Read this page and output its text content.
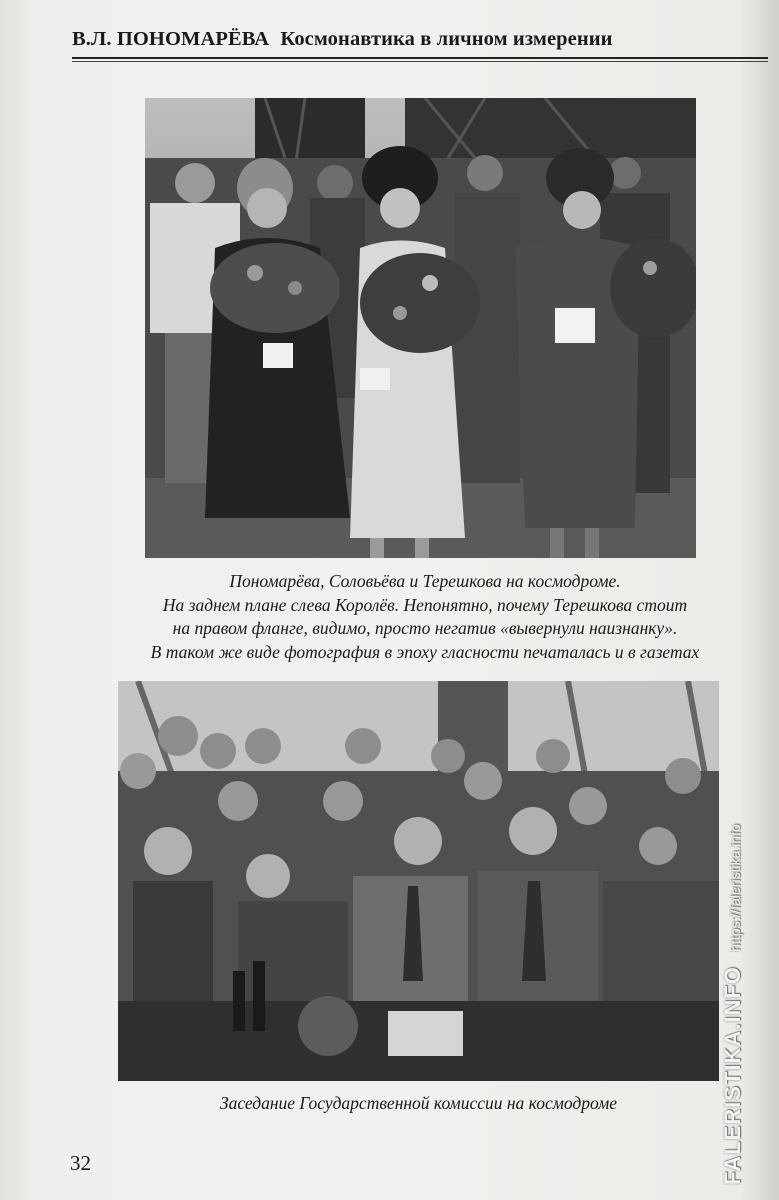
В.Л. ПОНОМАРЁВА Космонавтика в личном измерении
Пономарёва, Соловьёва и Терешкова на космодроме.
На заднем плане слева Королёв. Непонятно, почему Терешкова стоит
на правом фланге, видимо, просто негатив «вывернули наизнанку».
В таком же виде фотография в эпоху гласности печаталась и в газетах
Заседание Государственной комиссии на космодроме
32	FALERISTIKA.INFO https://faleristika.info
